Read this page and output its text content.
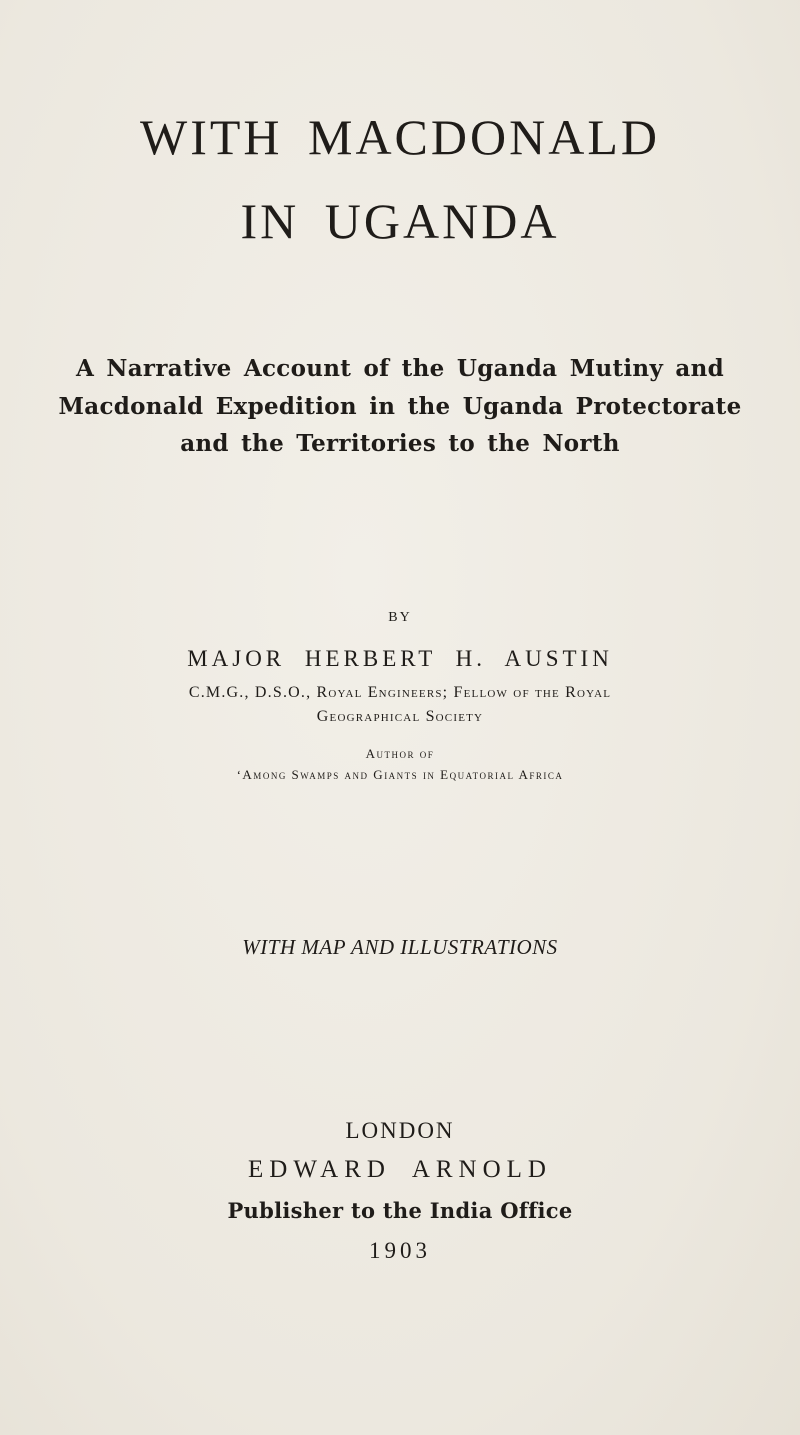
WITH MACDONALD
IN UGANDA
A Narrative Account of the Uganda Mutiny and
Macdonald Expedition in the Uganda Protectorate
and the Territories to the North
BY
MAJOR HERBERT H. AUSTIN
C.M.G., D.S.O., Royal Engineers; Fellow of the Royal
Geographical Society
Author of
‘Among Swamps and Giants in Equatorial Africa
WITH MAP AND ILLUSTRATIONS
LONDON
EDWARD ARNOLD
Publisher to the India Office
1903
